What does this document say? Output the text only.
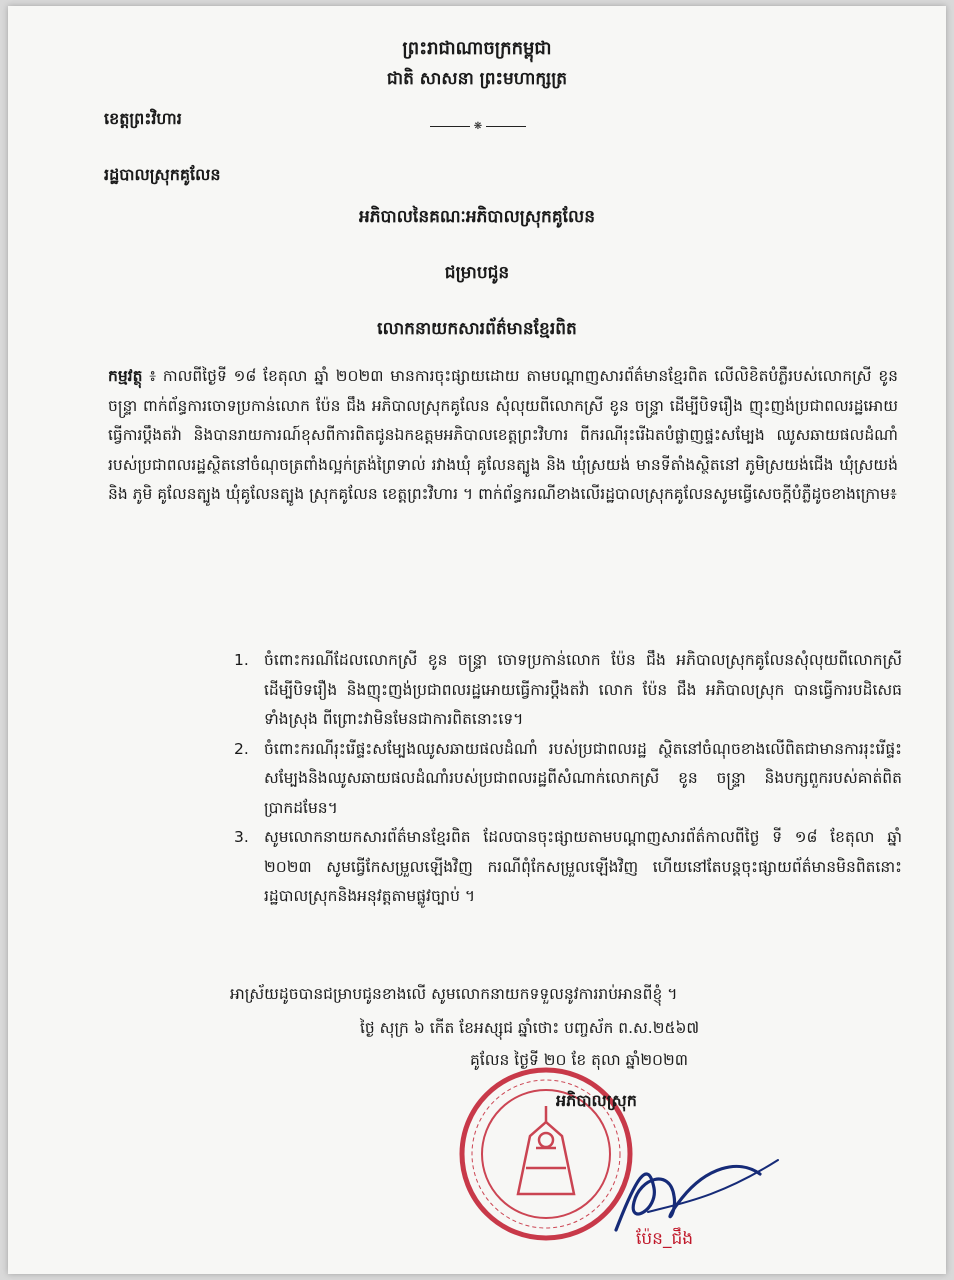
ព្រះរាជាណាចក្រកម្ពុជា
ជាតិ សាសនា ព្រះមហាក្សត្រ
❋
ខេត្តព្រះវិហារ
រដ្ឋបាលស្រុកគូលែន
អភិបាលនៃគណៈអភិបាលស្រុកគូលែន
ជម្រាបជូន
លោកនាយកសារព័ត៌មានខ្មែរពិត
កម្មវត្ថុ ៖ កាលពីថ្ងៃទី ១៨ ខែតុលា ឆ្នាំ ២០២៣ មានការចុះផ្សាយដោយ តាមបណ្តាញសារព័ត៌មានខ្មែរពិត លើលិខិតបំភ្លឺរបស់លោកស្រី ខូន ចន្ទ្រា ពាក់ព័ន្ធការចោទប្រកាន់លោក ប៉ែន ជឹង អភិបាលស្រុកគូលែន សុំលុយពីលោកស្រី ខូន ចន្ទ្រា ដើម្បីបិទរឿង ញុះញង់ប្រជាពលរដ្ឋអោយធ្វើការប្តឹងតវ៉ា និងបានរាយការណ៍ខុសពីការពិតជូនឯកឧត្តមអភិបាលខេត្តព្រះវិហារ ពីករណីរុះរើឯតបំផ្លាញផ្ទះសម្បែង ឈូសឆាយផលដំណាំរបស់ប្រជាពលរដ្ឋស្ថិតនៅចំណុចត្រពាំងល្អក់ត្រង់ព្រៃទាល់ រវាងឃុំ គូលែនត្បូង និង ឃុំស្រយង់ មានទីតាំងស្ថិតនៅ ភូមិស្រយង់ជើង ឃុំស្រយង់ និង ភូមិ គូលែនត្បូង ឃុំគូលែនត្បូង ស្រុកគូលែន ខេត្តព្រះវិហារ ។ ពាក់ព័ន្ធករណីខាងលើរដ្ឋបាលស្រុកគូលែនសូមធ្វើសេចក្តីបំភ្លឺដូចខាងក្រោម៖
1. ចំពោះករណីដែលលោកស្រី ខូន ចន្ទ្រា ចោទប្រកាន់លោក ប៉ែន ជឹង អភិបាលស្រុកគូលែនសុំលុយពីលោកស្រី ដើម្បីបិទរឿង និងញុះញង់ប្រជាពលរដ្ឋអោយធ្វើការប្តឹងតវ៉ា លោក ប៉ែន ជឹង អភិបាលស្រុក បានធ្វើការបដិសេធទាំងស្រុង ពីព្រោះវាមិនមែនជាការពិតនោះទេ។
2. ចំពោះករណីរុះរើផ្ទះសម្បែងឈូសឆាយផលដំណាំ របស់ប្រជាពលរដ្ឋ ស្ថិតនៅចំណុចខាងលើពិតជាមានការរុះរើផ្ទះសម្បែងនិងឈូសឆាយផលដំណាំរបស់ប្រជាពលរដ្ឋពីសំណាក់លោកស្រី ខូន ចន្ទ្រា និងបក្សពួករបស់គាត់ពិតប្រាកដមែន។
3. សូមលោកនាយកសារព័ត៌មានខ្មែរពិត ដែលបានចុះផ្សាយតាមបណ្តាញសារព័ត៌កាលពីថ្ងៃ ទី ១៨ ខែតុលា ឆ្នាំ ២០២៣ សូមធ្វើកែសម្រួលឡើងវិញ ករណីពុំកែសម្រួលឡើងវិញ ហើយនៅតែបន្តចុះផ្សាយព័ត៌មានមិនពិតនោះ រដ្ឋបាលស្រុកនិងអនុវត្តតាមផ្លូវច្បាប់ ។
អាស្រ័យដូចបានជម្រាបជូនខាងលើ សូមលោកនាយកទទួលនូវការរាប់អានពីខ្ញុំ ។
ថ្ងៃ សុក្រ ៦ កើត ខែអស្សុជ ឆ្នាំថោះ បញ្ចស័ក ព.ស.២៥៦៧
គូលែន ថ្ងៃទី ២០ ខែ តុលា ឆ្នាំ២០២៣
អភិបាលស្រុក
ប៉ែន_ជឹង
